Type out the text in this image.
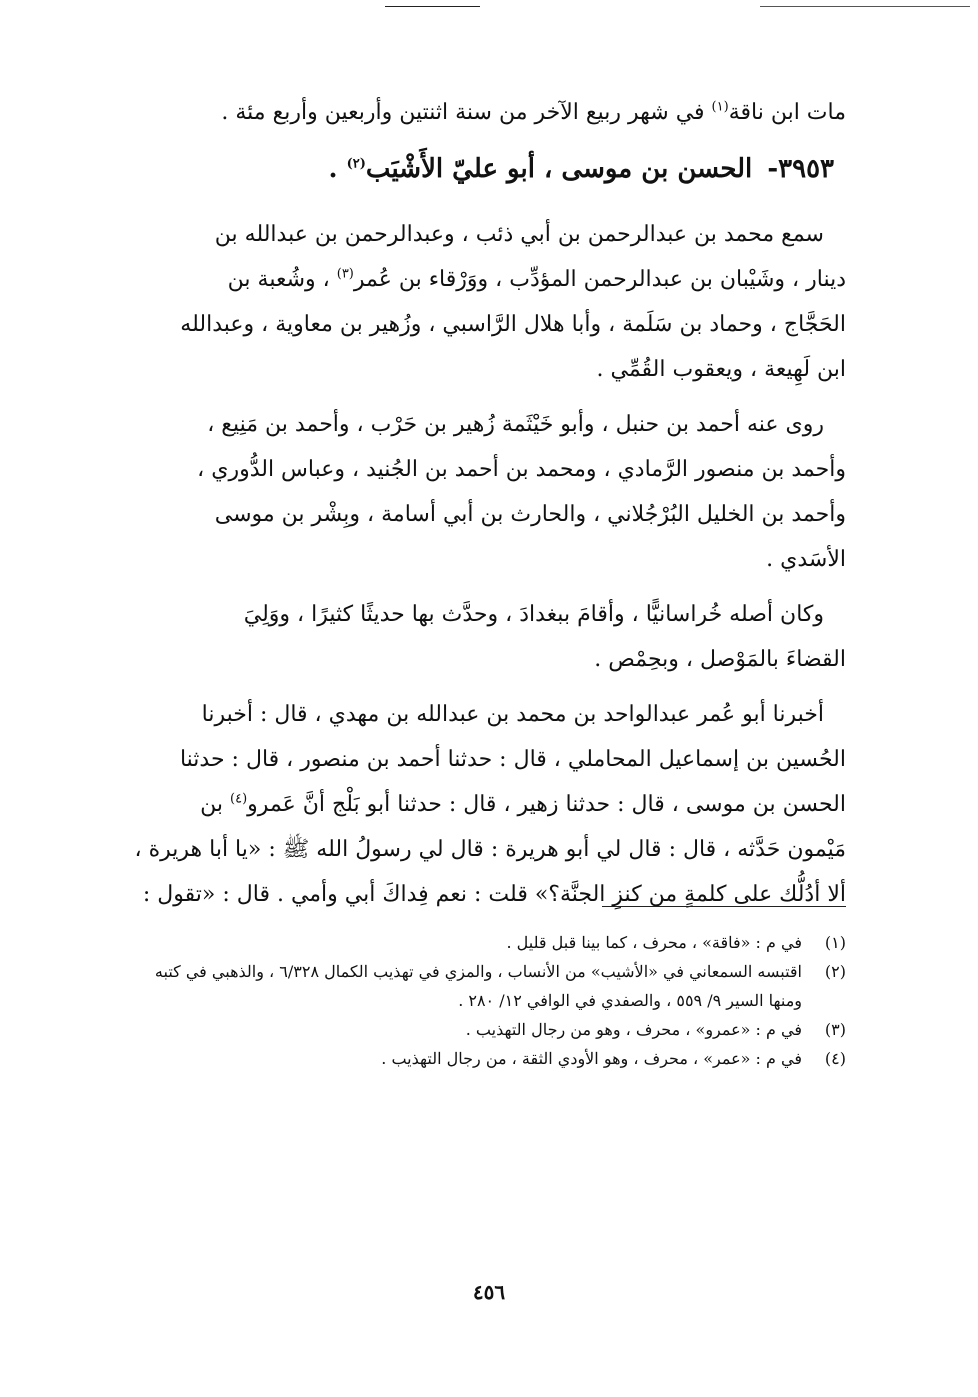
مات ابن ناقة$^{(١)}$ في شهر ربيع الآخر من سنة اثنتين وأربعين وأربع مئة .

٣٩٥٣- الحسن بن موسى ، أبو عليّ الأَشْيَب$^{(٢)}$ .

سمع محمد بن عبدالرحمن بن أبي ذئب ، وعبدالرحمن بن عبدالله بن

دينار ، وشَيْبان بن عبدالرحمن المؤدِّب ، ووَرْقاء بن عُمر$^{(٣)}$ ، وشُعبة بن

الحَجَّاج ، وحماد بن سَلَمة ، وأبا هلال الرَّاسبي ، وزُهير بن معاوية ، وعبدالله

ابن لَهِيعة ، ويعقوب القُمِّي .

روى عنه أحمد بن حنبل ، وأبو خَيْثَمة زُهير بن حَرْب ، وأحمد بن مَنِيع ،

وأحمد بن منصور الرَّمادي ، ومحمد بن أحمد بن الجُنيد ، وعباس الدُّوري ،

وأحمد بن الخليل البُرْجُلاني ، والحارث بن أبي أسامة ، وبِشْر بن موسى

الأسَدي .

وكان أصله خُراسانيًّا ، وأقامَ ببغدادَ ، وحدَّث بها حديثًا كثيرًا ، ووَلِيَ

القضاءَ بالمَوْصل ، وبحِمْص .

أخبرنا أبو عُمر عبدالواحد بن محمد بن عبدالله بن مهدي ، قال : أخبرنا

الحُسين بن إسماعيل المحاملي ، قال : حدثنا أحمد بن منصور ، قال : حدثنا

الحسن بن موسى ، قال : حدثنا زهير ، قال : حدثنا أبو بَلْج أنَّ عَمرو$^{(٤)}$ بن

مَيْمون حَدَّثه ، قال : قال لي أبو هريرة : قال لي رسولُ الله ﷺ : «يا أبا هريرة ،

ألا أدُلُّك على كلمةٍ من كنزِ الجنَّة؟» قلت : نعم فِداكَ أبي وأمي . قال : «تقول :

(١)
في م : «فاقة» ، محرف ، كما بينا قبل قليل .
(٢)
اقتبسه السمعاني في «الأشيب» من الأنساب ، والمزي في تهذيب الكمال ٦/٣٢٨ ، والذهبي في كتبه ومنها السير ٩/ ٥٥٩ ، والصفدي في الوافي ١٢/ ٢٨٠ .
(٣)
في م : «عمرو» ، محرف ، وهو من رجال التهذيب .
(٤)
في م : «عمر» ، محرف ، وهو الأودي الثقة ، من رجال التهذيب .
٤٥٦
